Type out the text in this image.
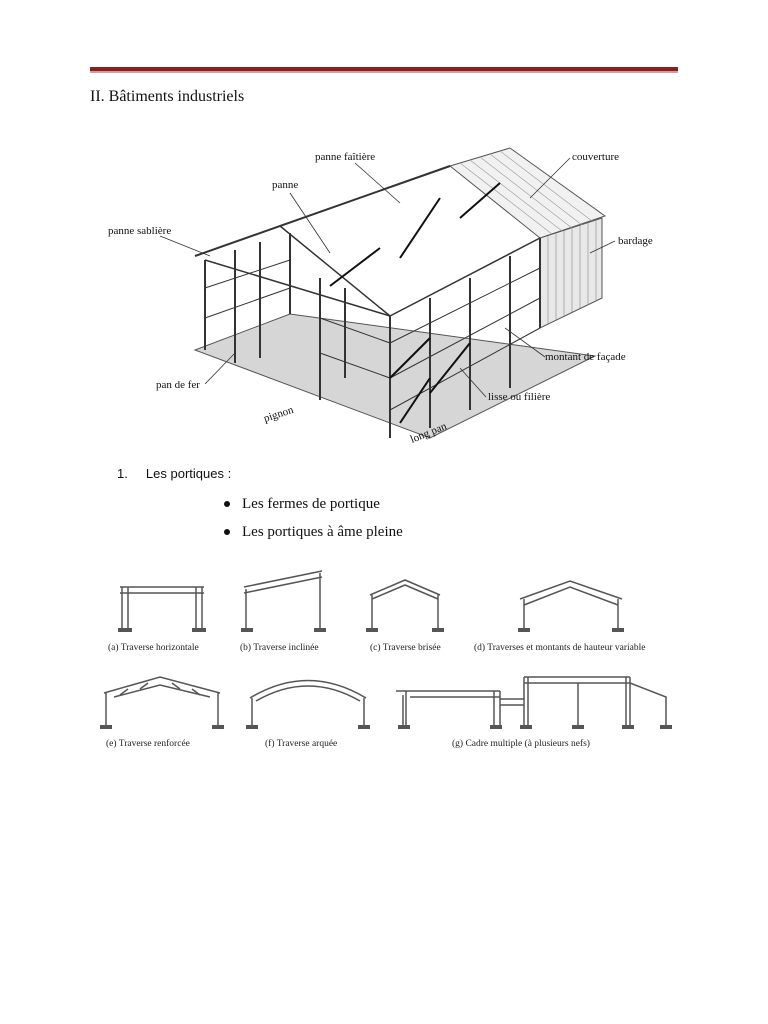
II. Bâtiments industriels
panne faîtière	couverture
panne
panne sablière
bardage
montant de façade
pan de fer
lisse ou filière
pignon
long pan
1. Les portiques :
Les fermes de portique
Les portiques à âme pleine
(a) Traverse horizontale	(b) Traverse inclinée	(c) Traverse brisée	(d) Traverses et montants de hauteur variable
(e) Traverse renforcée	(f) Traverse arquée	(g) Cadre multiple (à plusieurs nefs)
